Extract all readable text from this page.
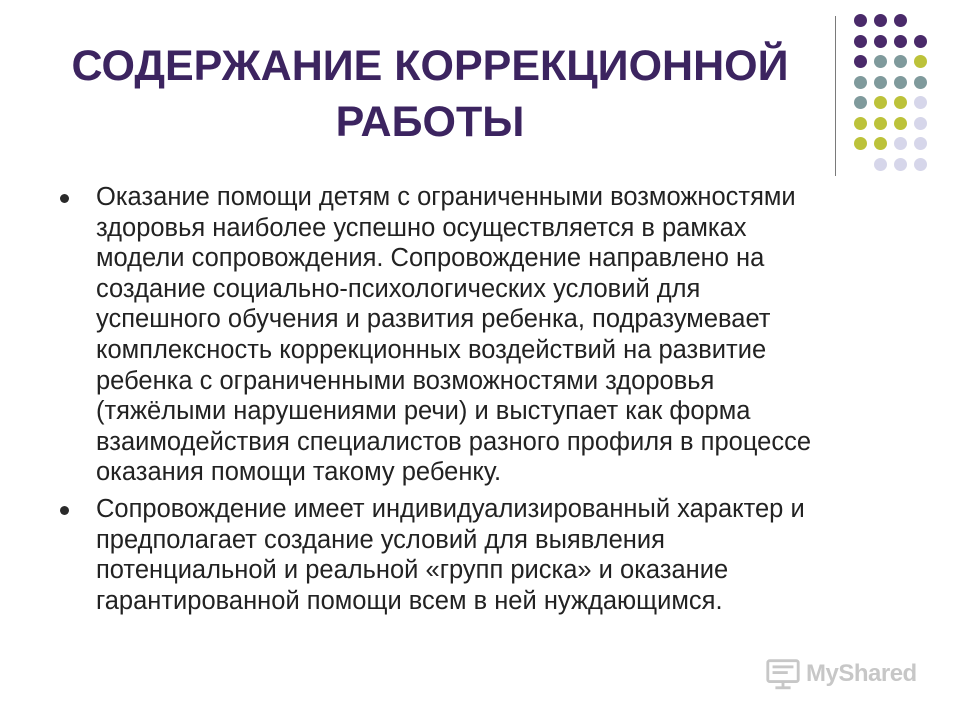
СОДЕРЖАНИЕ КОРРЕКЦИОННОЙ
РАБОТЫ
Оказание помощи детям с ограниченными возможностями
здоровья наиболее успешно осуществляется в рамках
модели сопровождения. Сопровождение направлено на
создание социально-психологических условий для
успешного обучения и развития ребенка, подразумевает
комплексность коррекционных воздействий на развитие
ребенка с ограниченными возможностями здоровья
(тяжёлыми нарушениями речи) и выступает как форма
взаимодействия специалистов разного профиля в процессе
оказания помощи такому ребенку.
Сопровождение имеет индивидуализированный характер и
предполагает создание условий для выявления
потенциальной и реальной «групп риска» и оказание
гарантированной помощи всем в ней нуждающимся.
MyShared
